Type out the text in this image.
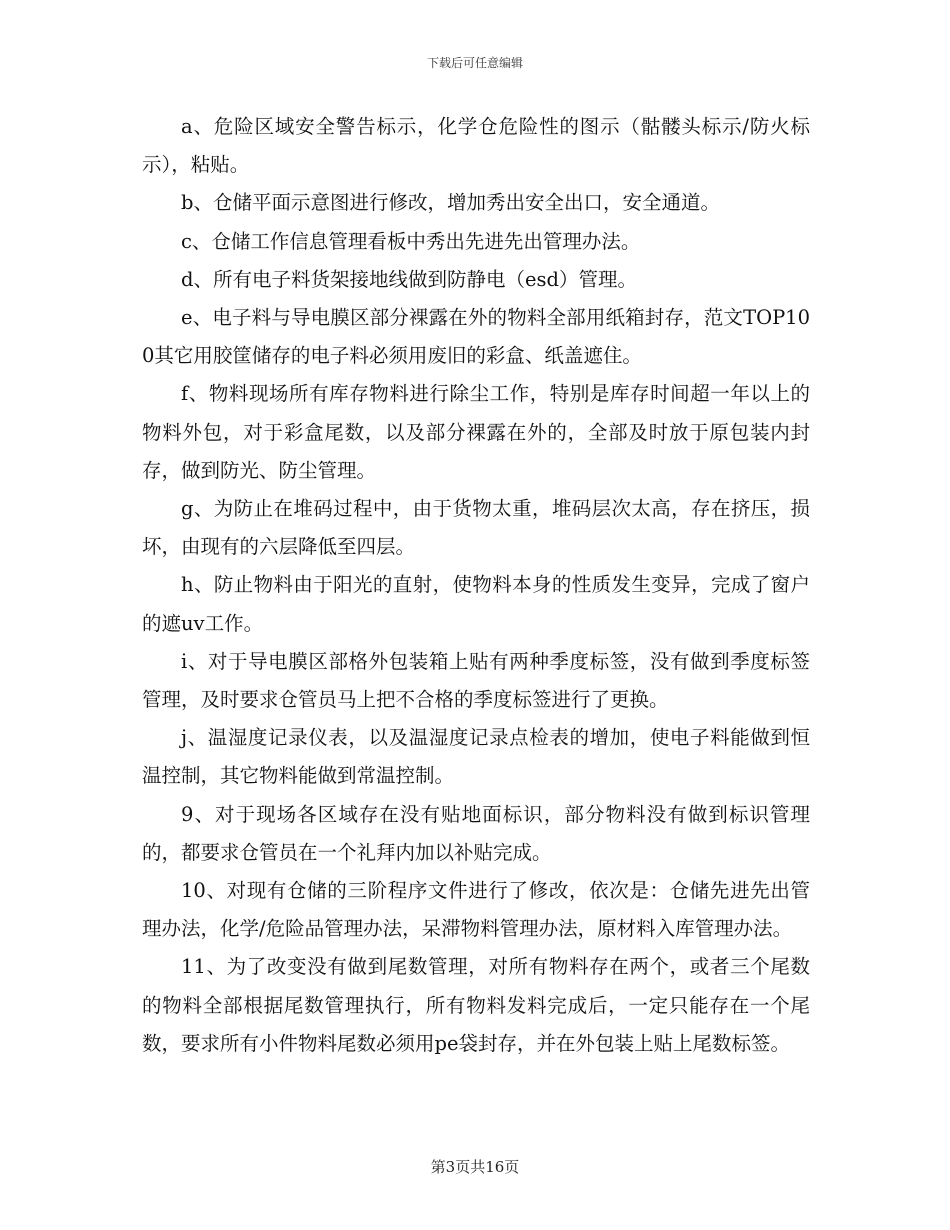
下载后可任意编辑

a、危险区域安全警告标示，化学仓危险性的图示（骷髅头标示/防火标示），粘贴。

b、仓储平面示意图进行修改，增加秀出安全出口，安全通道。

c、仓储工作信息管理看板中秀出先进先出管理办法。

d、所有电子料货架接地线做到防静电（esd）管理。

e、电子料与导电膜区部分裸露在外的物料全部用纸箱封存，范文TOP100其它用胶筐储存的电子料必须用废旧的彩盒、纸盖遮住。

f、物料现场所有库存物料进行除尘工作，特别是库存时间超一年以上的物料外包，对于彩盒尾数，以及部分裸露在外的，全部及时放于原包装内封存，做到防光、防尘管理。

g、为防止在堆码过程中，由于货物太重，堆码层次太高，存在挤压，损坏，由现有的六层降低至四层。

h、防止物料由于阳光的直射，使物料本身的性质发生变异，完成了窗户的遮uv工作。

i、对于导电膜区部格外包装箱上贴有两种季度标签，没有做到季度标签管理，及时要求仓管员马上把不合格的季度标签进行了更换。

j、温湿度记录仪表，以及温湿度记录点检表的增加，使电子料能做到恒温控制，其它物料能做到常温控制。

9、对于现场各区域存在没有贴地面标识，部分物料没有做到标识管理的，都要求仓管员在一个礼拜内加以补贴完成。

10、对现有仓储的三阶程序文件进行了修改，依次是：仓储先进先出管理办法，化学/危险品管理办法，呆滞物料管理办法，原材料入库管理办法。

11、为了改变没有做到尾数管理，对所有物料存在两个，或者三个尾数的物料全部根据尾数管理执行，所有物料发料完成后，一定只能存在一个尾数，要求所有小件物料尾数必须用pe袋封存，并在外包装上贴上尾数标签。

第3页共16页
